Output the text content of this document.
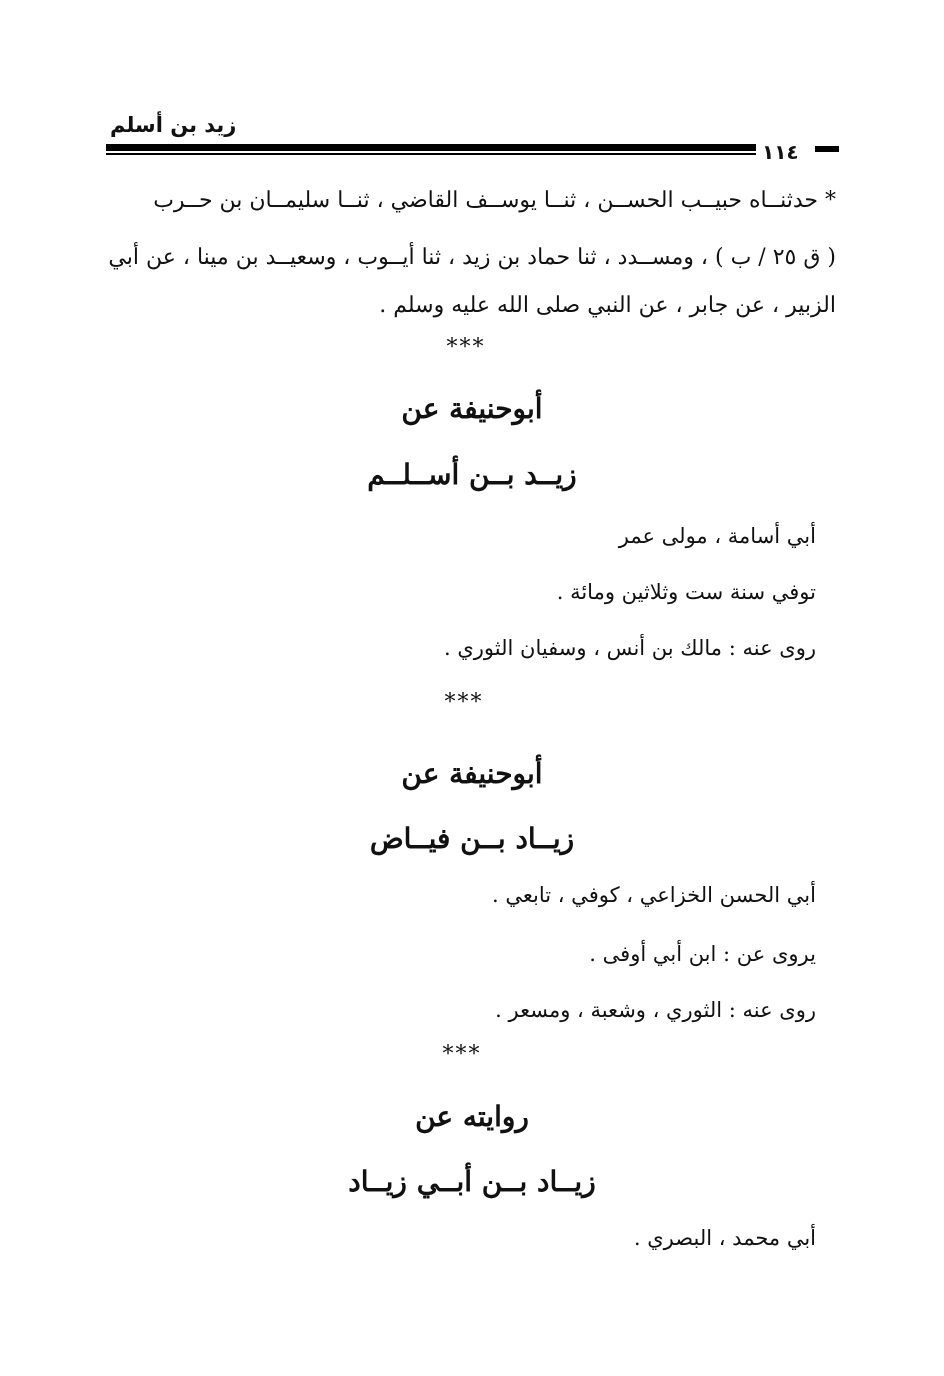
زيد بن أسلم
١١٤
* حدثنــاه حبيــب الحســن ، ثنــا يوســف القاضي ، ثنــا سليمــان بن حــرب
( ق ٢٥ / ب ) ، ومســدد ، ثنا حماد بن زيد ، ثنا أيــوب ، وسعيــد بن مينا ، عن أبي
الزبير ، عن جابر ، عن النبي صلى الله عليه وسلم .
***
أبوحنيفة عن
زيــد بــن أســلــم
أبي أسامة ، مولى عمر
توفي سنة ست وثلاثين ومائة .
روى عنه : مالك بن أنس ، وسفيان الثوري .
***
أبوحنيفة عن
زيــاد بــن فيــاض
أبي الحسن الخزاعي ، كوفي ، تابعي .
يروى عن : ابن أبي أوفى .
روى عنه : الثوري ، وشعبة ، ومسعر .
***
روايته عن
زيــاد بــن أبــي زيــاد
أبي محمد ، البصري .
